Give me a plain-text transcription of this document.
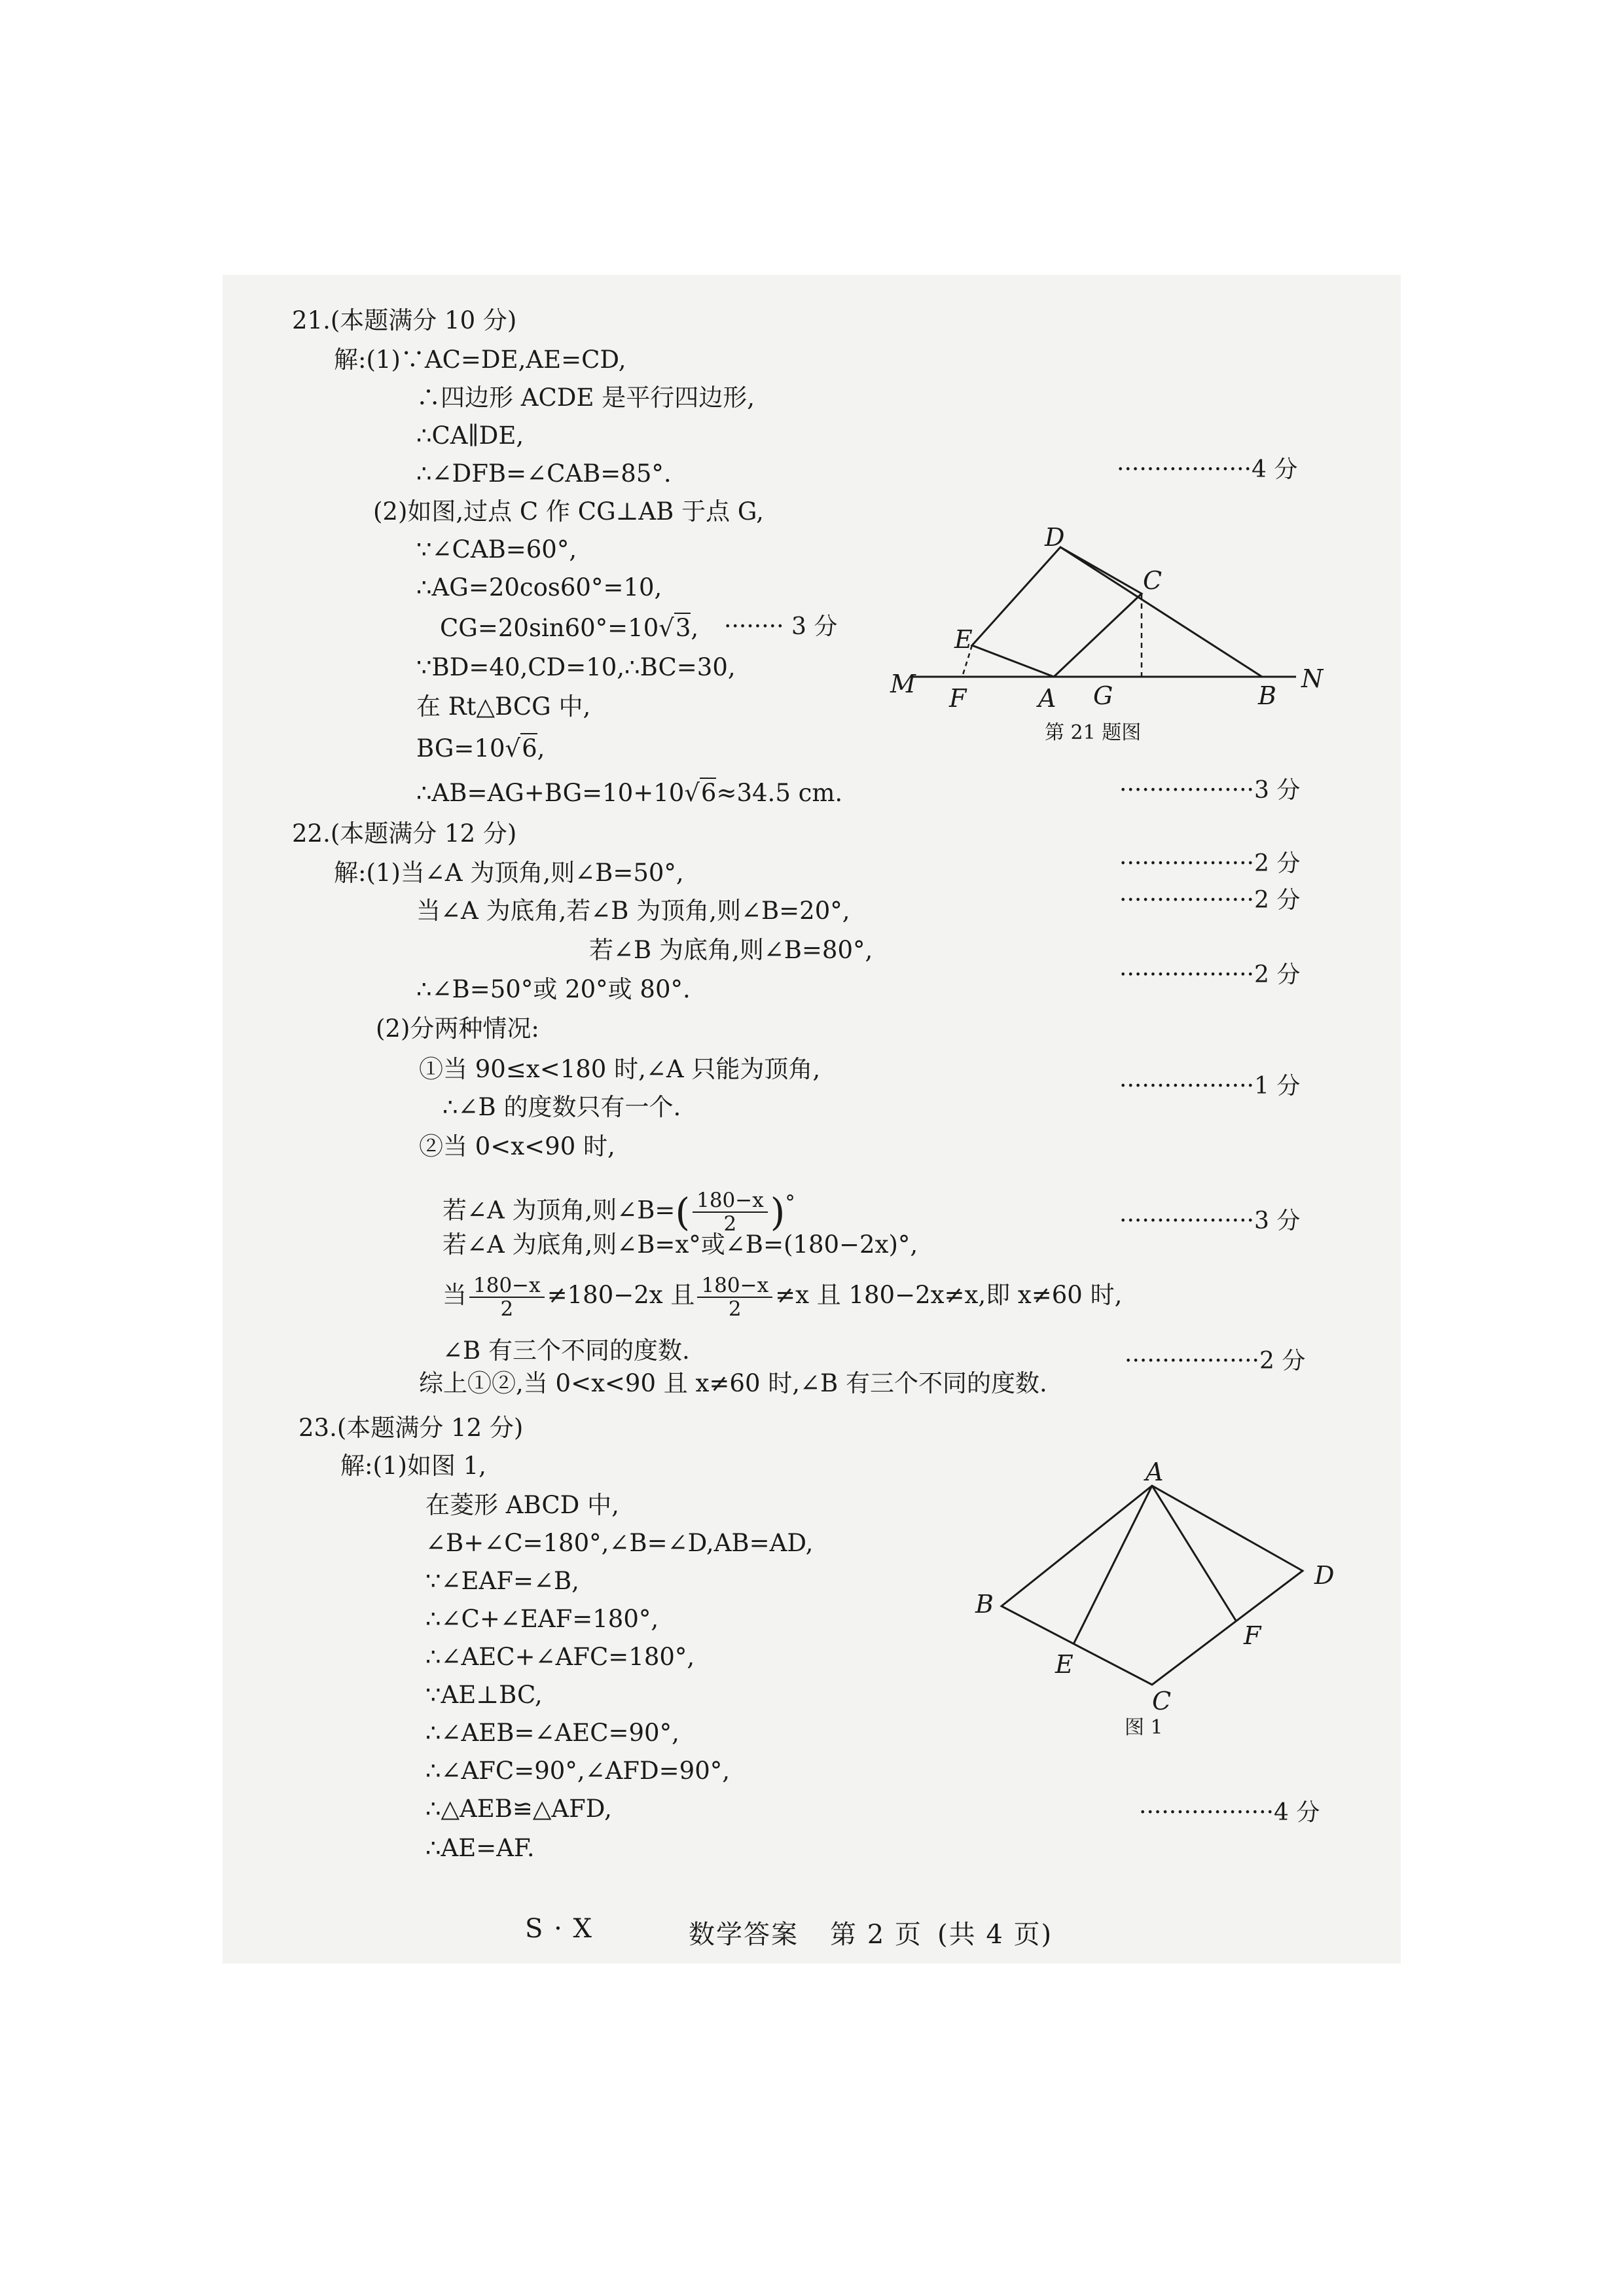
21.(本题满分 10 分)
解:(1)∵AC=DE,AE=CD,
∴四边形 ACDE 是平行四边形,
∴CA∥DE,
∴∠DFB=∠CAB=85°.	··················4 分
(2)如图,过点 C 作 CG⊥AB 于点 G,
∵∠CAB=60°,
∴AG=20cos60°=10,
CG=20sin60°=10√3, ········ 3 分
∵BD=40,CD=10,∴BC=30,
在 Rt△BCG 中,
BG=10√6,
∴AB=AG+BG=10+10√6≈34.5 cm.	··················3 分
D
C
E
M F	A G	B
N
第 21 题图
22.(本题满分 12 分)
··················2 分
解:(1)当∠A 为顶角,则∠B=50°,
··················2 分
当∠A 为底角,若∠B 为顶角,则∠B=20°,
若∠B 为底角,则∠B=80°,
··················2 分
∴∠B=50°或 20°或 80°.
(2)分两种情况:
①当 90≤x<180 时,∠A 只能为顶角,
∴∠B 的度数只有一个.
··················1 分
②当 0<x<90 时,
若∠A 为顶角,则∠B=( $\frac{180-x}{2} )^\circ$
若∠A 为底角,则∠B=x°或∠B=(180−2x)°,
··················3 分
当 $\frac{180-x}{2} \ne 180-2x$ 且 $\frac{180-x}{2} \ne x$ 且 180−2x≠x,即 x≠60 时,
∠B 有三个不同的度数.
综上①②,当 0<x<90 且 x≠60 时,∠B 有三个不同的度数.
··················2 分
23.(本题满分 12 分)
解:(1)如图 1,
在菱形 ABCD 中,
∠B+∠C=180°,∠B=∠D,AB=AD,
∵∠EAF=∠B,
∴∠C+∠EAF=180°,
∴∠AEC+∠AFC=180°,
∵AE⊥BC,
∴∠AEB=∠AEC=90°,
∴∠AFC=90°,∠AFD=90°,
∴△AEB≌△AFD,	··················4 分
∴AE=AF.
A
B
C
D
E
F
图 1
S · X	数学答案 第 2 页 (共 4 页)
